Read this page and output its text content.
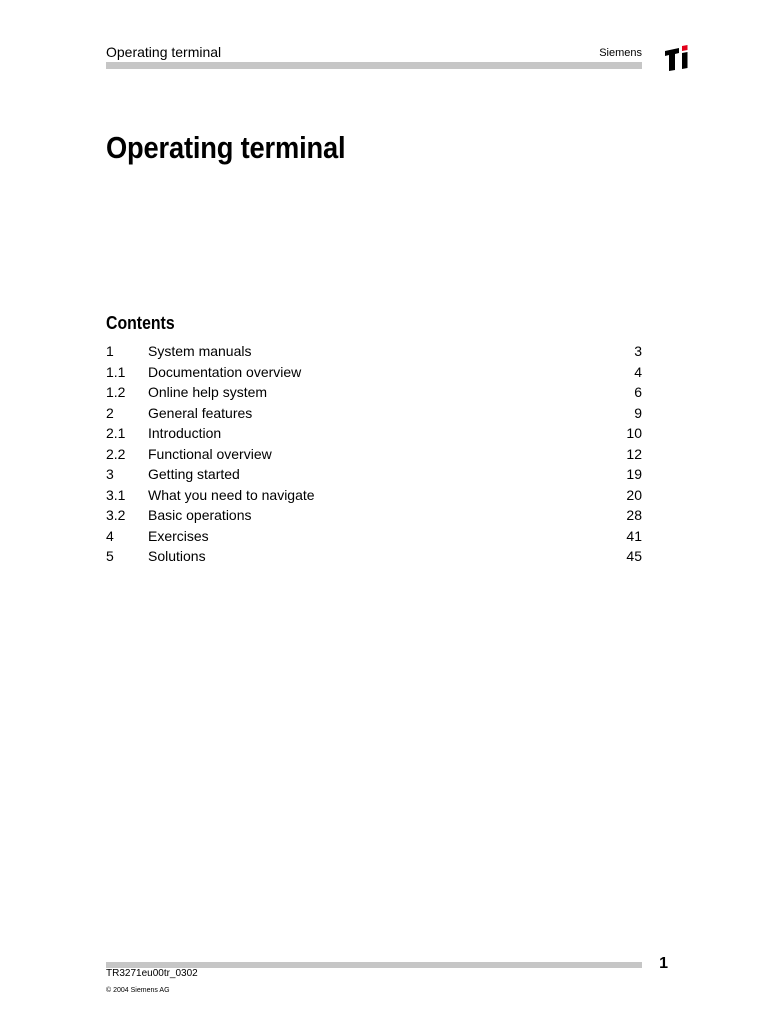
Operating terminal	Siemens
Operating terminal
Contents
1 System manuals	3
1.1 Documentation overview	4
1.2 Online help system	6
2 General features	9
2.1 Introduction	10
2.2 Functional overview	12
3 Getting started	19
3.1 What you need to navigate	20
3.2 Basic operations	28
4 Exercises	41
5 Solutions	45
1
TR3271eu00tr_0302
© 2004 Siemens AG
